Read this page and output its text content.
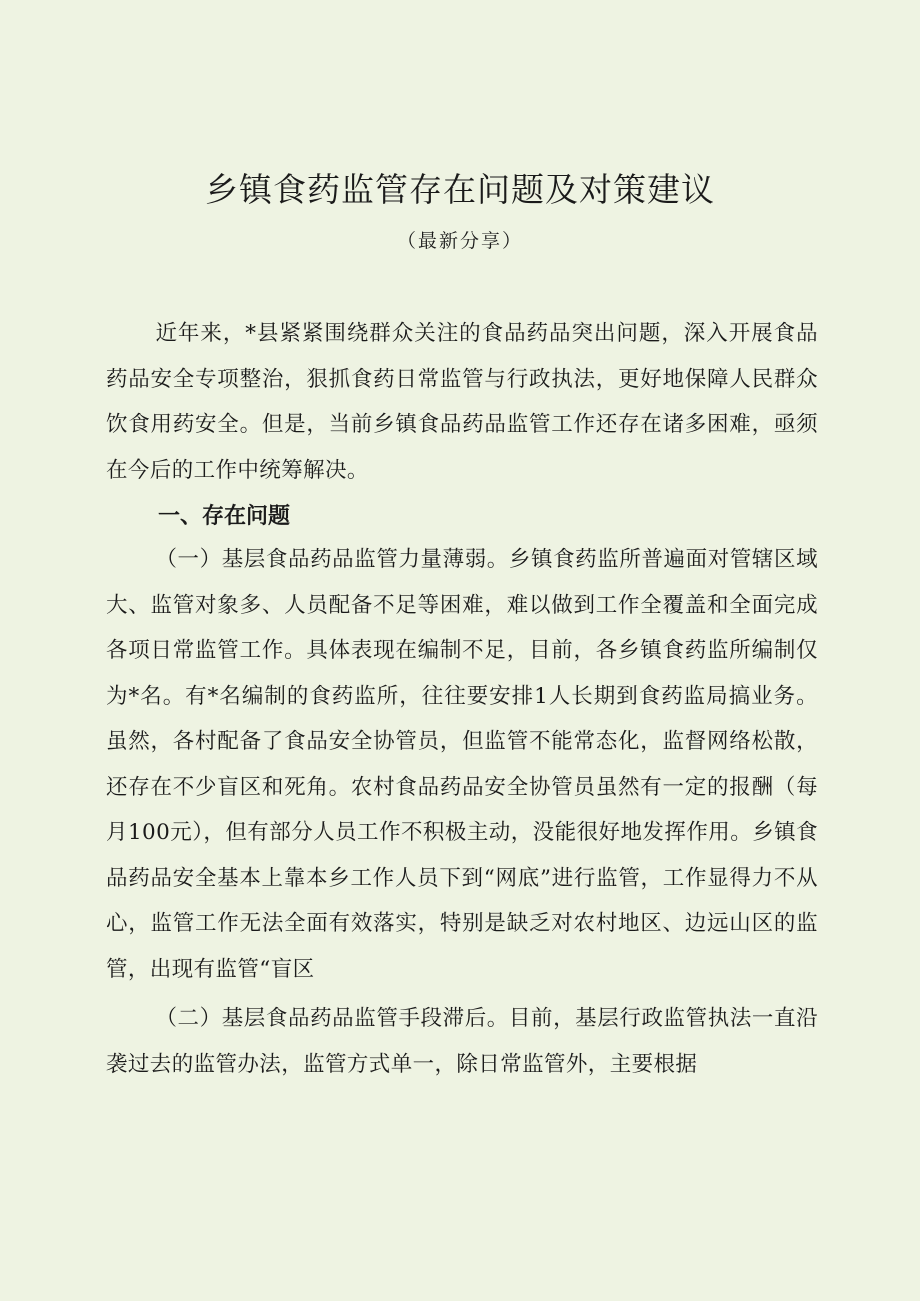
乡镇食药监管存在问题及对策建议

（最新分享）

近年来，*县紧紧围绕群众关注的食品药品突出问题，深入开展食品药品安全专项整治，狠抓食药日常监管与行政执法，更好地保障人民群众饮食用药安全。但是，当前乡镇食品药品监管工作还存在诸多困难，亟须在今后的工作中统筹解决。

一、存在问题

（一）基层食品药品监管力量薄弱。乡镇食药监所普遍面对管辖区域大、监管对象多、人员配备不足等困难，难以做到工作全覆盖和全面完成各项日常监管工作。具体表现在编制不足，目前，各乡镇食药监所编制仅为*名。有*名编制的食药监所，往往要安排1人长期到食药监局搞业务。虽然，各村配备了食品安全协管员，但监管不能常态化，监督网络松散，还存在不少盲区和死角。农村食品药品安全协管员虽然有一定的报酬（每月100元），但有部分人员工作不积极主动，没能很好地发挥作用。乡镇食品药品安全基本上靠本乡工作人员下到“网底”进行监管，工作显得力不从心，监管工作无法全面有效落实，特别是缺乏对农村地区、边远山区的监管，出现有监管“盲区

（二）基层食品药品监管手段滞后。目前，基层行政监管执法一直沿袭过去的监管办法，监管方式单一，除日常监管外，主要根据
